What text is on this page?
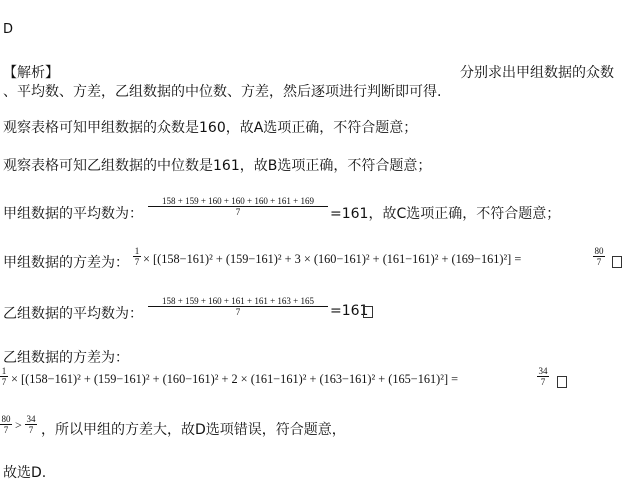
D
【解析】	分别求出甲组数据的众数
、平均数、方差，乙组数据的中位数、方差，然后逐项进行判断即可得.
观察表格可知甲组数据的众数是160，故A选项正确，不符合题意；
观察表格可知乙组数据的中位数是161，故B选项正确，不符合题意；
甲组数据的平均数为：
158 + 159 + 160 + 160 + 160 + 161 + 169
7	=161，故C选项正确，不符合题意；
甲组数据的方差为：
1
7 × [(158−161)² + (159−161)² + 3 × (160−161)² + (161−161)² + (169−161)²] =
80
7
乙组数据的平均数为：
158 + 159 + 160 + 161 + 161 + 163 + 165
7	=161
乙组数据的方差为：
1
7 × [(158−161)² + (159−161)² + (160−161)² + 2 × (161−161)² + (163−161)² + (165−161)²] =
34
7
80
7 > 34
7 ，所以甲组的方差大，故D选项错误，符合题意，
故选D.
